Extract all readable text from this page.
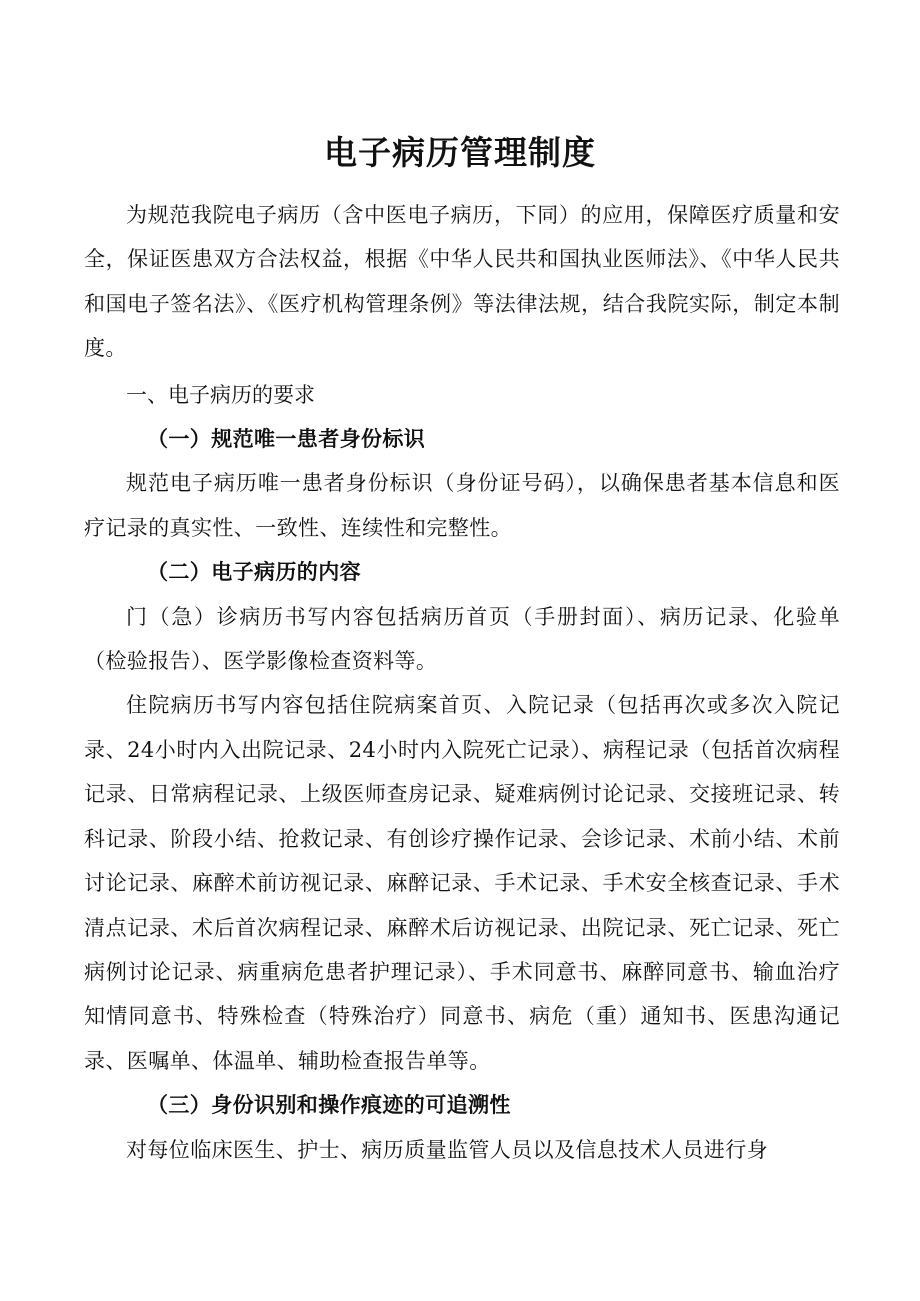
电子病历管理制度

为规范我院电子病历（含中医电子病历，下同）的应用，保障医疗质量和安全，保证医患双方合法权益，根据《中华人民共和国执业医师法》、《中华人民共和国电子签名法》、《医疗机构管理条例》等法律法规，结合我院实际，制定本制度。

一、电子病历的要求
（一）规范唯一患者身份标识

规范电子病历唯一患者身份标识（身份证号码），以确保患者基本信息和医疗记录的真实性、一致性、连续性和完整性。

（二）电子病历的内容

门（急）诊病历书写内容包括病历首页（手册封面）、病历记录、化验单（检验报告）、医学影像检查资料等。

住院病历书写内容包括住院病案首页、入院记录（包括再次或多次入院记录、24小时内入出院记录、24小时内入院死亡记录）、病程记录（包括首次病程记录、日常病程记录、上级医师查房记录、疑难病例讨论记录、交接班记录、转科记录、阶段小结、抢救记录、有创诊疗操作记录、会诊记录、术前小结、术前讨论记录、麻醉术前访视记录、麻醉记录、手术记录、手术安全核查记录、手术清点记录、术后首次病程记录、麻醉术后访视记录、出院记录、死亡记录、死亡病例讨论记录、病重病危患者护理记录）、手术同意书、麻醉同意书、输血治疗知情同意书、特殊检查（特殊治疗）同意书、病危（重）通知书、医患沟通记录、医嘱单、体温单、辅助检查报告单等。

（三）身份识别和操作痕迹的可追溯性

对每位临床医生、护士、病历质量监管人员以及信息技术人员进行身
